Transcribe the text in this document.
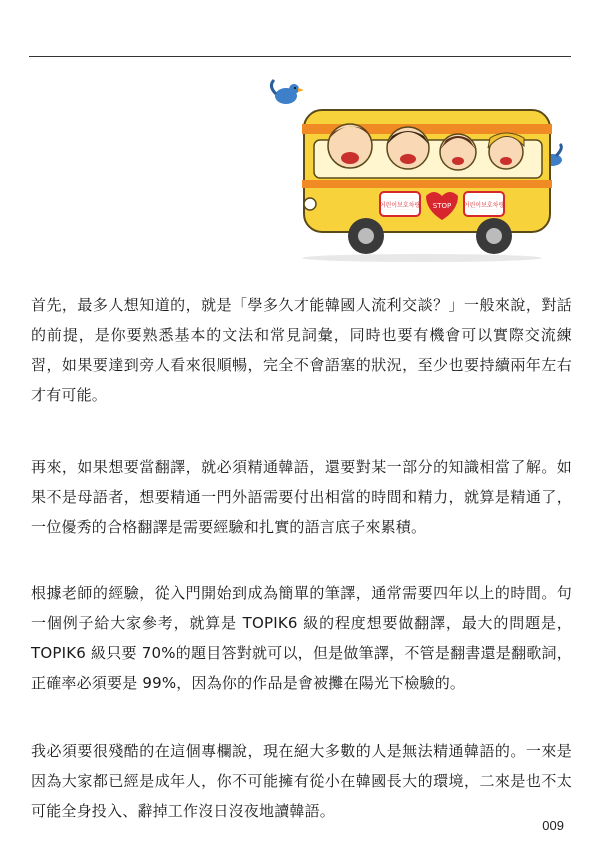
어린이보호차량 STOP 어린이보호차량

首先，最多人想知道的，就是「學多久才能韓國人流利交談？」一般來說，對話的前提，是你要熟悉基本的文法和常見詞彙，同時也要有機會可以實際交流練習，如果要達到旁人看來很順暢，完全不會語塞的狀況，至少也要持續兩年左右才有可能。

再來，如果想要當翻譯，就必須精通韓語，還要對某一部分的知識相當了解。如果不是母語者，想要精通一門外語需要付出相當的時間和精力，就算是精通了，一位優秀的合格翻譯是需要經驗和扎實的語言底子來累積。

根據老師的經驗，從入門開始到成為簡單的筆譯，通常需要四年以上的時間。句一個例子給大家參考，就算是 TOPIK6 級的程度想要做翻譯，最大的問題是，TOPIK6 級只要 70%的題目答對就可以，但是做筆譯，不管是翻書還是翻歌詞，正確率必須要是 99%，因為你的作品是會被攤在陽光下檢驗的。

我必須要很殘酷的在這個專欄說，現在絕大多數的人是無法精通韓語的。一來是因為大家都已經是成年人，你不可能擁有從小在韓國長大的環境，二來是也不太可能全身投入、辭掉工作沒日沒夜地讀韓語。

009
